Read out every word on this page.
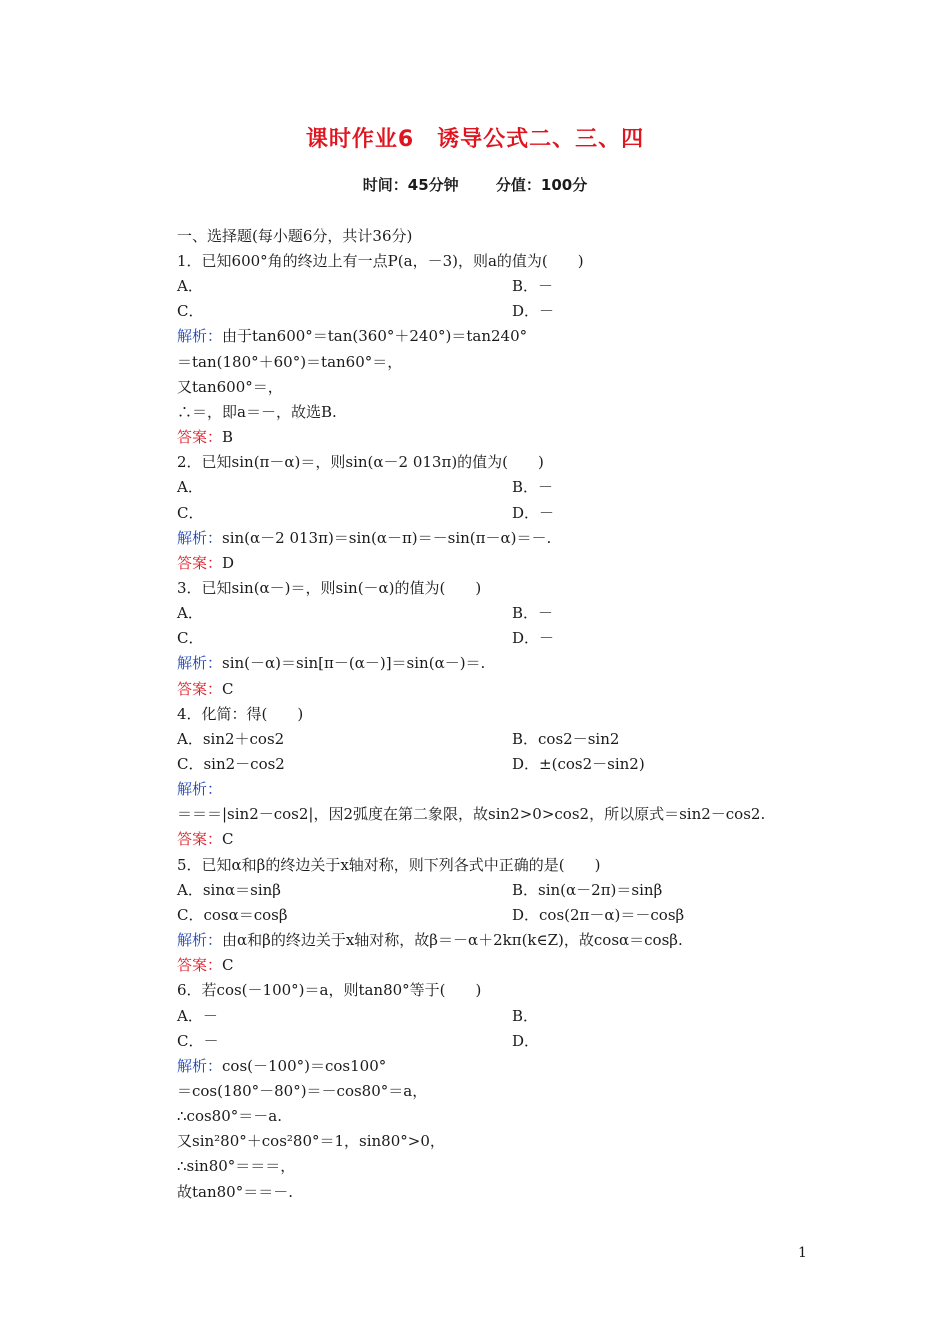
课时作业6　诱导公式二、三、四
时间：45分钟 分值：100分
一、选择题(每小题6分，共计36分)
1．已知600°角的终边上有一点P(a，－3)，则a的值为(　　)
A．	B．－
C．	D．－
解析：由于tan600°＝tan(360°＋240°)＝tan240°
＝tan(180°＋60°)＝tan60°＝，
又tan600°＝，
∴＝，即a＝－，故选B.
答案：B
2．已知sin(π－α)＝，则sin(α－2 013π)的值为(　　)
A．	B．－
C．	D．－
解析：sin(α－2 013π)＝sin(α－π)＝－sin(π－α)＝－.
答案：D
3．已知sin(α－)＝，则sin(－α)的值为(　　)
A．	B．－
C．	D．－
解析：sin(－α)＝sin[π－(α－)]＝sin(α－)＝.
答案：C
4．化简：得(　　)
A．sin2＋cos2	B．cos2－sin2
C．sin2－cos2	D．±(cos2－sin2)
解析：
＝＝＝|sin2－cos2|，因2弧度在第二象限，故sin2>0>cos2，所以原式＝sin2－cos2.
答案：C
5．已知α和β的终边关于x轴对称，则下列各式中正确的是(　　)
A．sinα＝sinβ	B．sin(α－2π)＝sinβ
C．cosα＝cosβ	D．cos(2π－α)＝－cosβ
解析：由α和β的终边关于x轴对称，故β＝－α＋2kπ(k∈Z)，故cosα＝cosβ.
答案：C
6．若cos(－100°)＝a，则tan80°等于(　　)
A．－	B．
C．－	D．
解析：cos(－100°)＝cos100°
＝cos(180°－80°)＝－cos80°＝a，
∴cos80°＝－a.
又sin²80°＋cos²80°＝1，sin80°>0，
∴sin80°＝＝＝，
故tan80°＝＝－.
1
